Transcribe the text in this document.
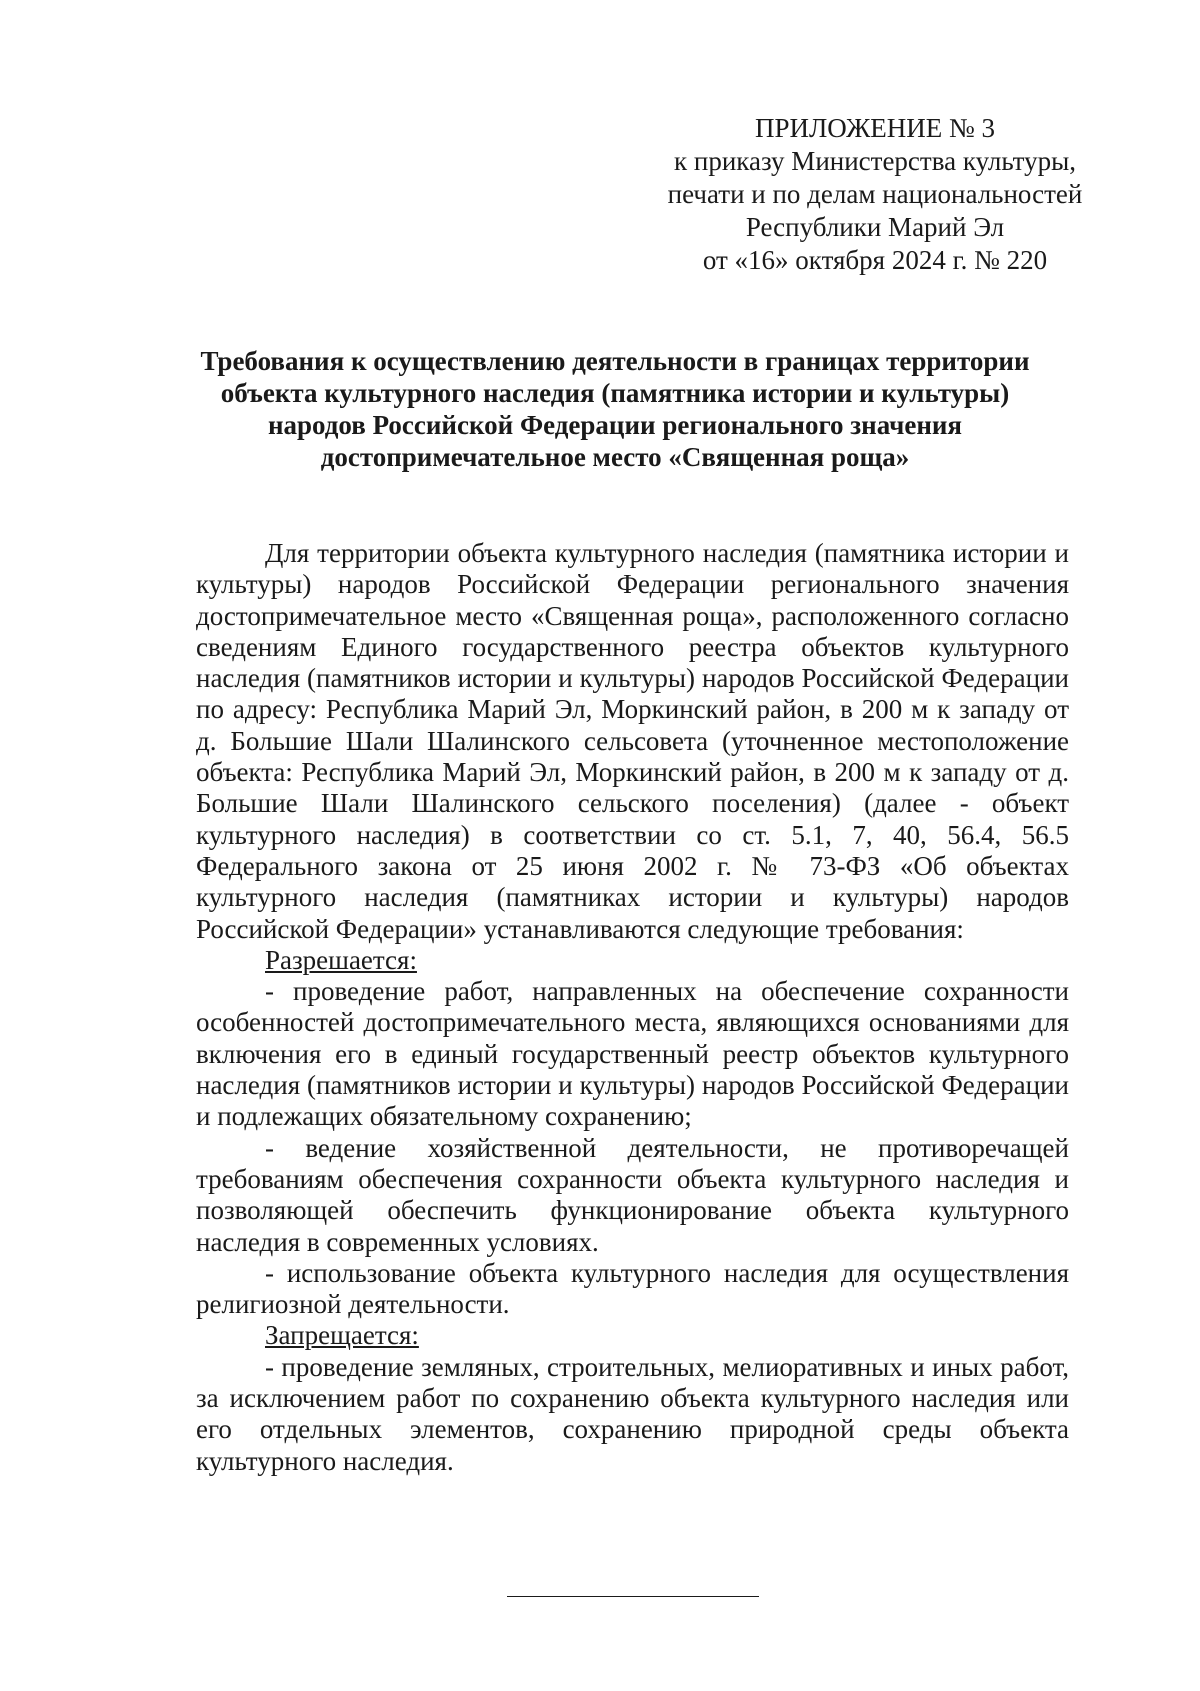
ПРИЛОЖЕНИЕ № 3
к приказу Министерства культуры,
печати и по делам национальностей
Республики Марий Эл
от «16» октября 2024 г. № 220
Требования к осуществлению деятельности в границах территории
объекта культурного наследия (памятника истории и культуры)
народов Российской Федерации регионального значения
достопримечательное место «Священная роща»

Для территории объекта культурного наследия (памятника истории и культуры) народов Российской Федерации регионального значения достопримечательное место «Священная роща», расположенного согласно сведениям Единого государственного реестра объектов культурного наследия (памятников истории и культуры) народов Российской Федерации по адресу: Республика Марий Эл, Моркинский район, в 200 м к западу от д. Большие Шали Шалинского сельсовета (уточненное местоположение объекта: Республика Марий Эл, Моркинский район, в 200 м к западу от д. Большие Шали Шалинского сельского поселения) (далее - объект культурного наследия) в соответствии со ст. 5.1, 7, 40, 56.4, 56.5 Федерального закона от 25 июня 2002 г. № 73-ФЗ «Об объектах культурного наследия (памятниках истории и культуры) народов Российской Федерации» устанавливаются следующие требования:

Разрешается:

- проведение работ, направленных на обеспечение сохранности особенностей достопримечательного места, являющихся основаниями для включения его в единый государственный реестр объектов культурного наследия (памятников истории и культуры) народов Российской Федерации и подлежащих обязательному сохранению;

- ведение хозяйственной деятельности, не противоречащей требованиям обеспечения сохранности объекта культурного наследия и позволяющей обеспечить функционирование объекта культурного наследия в современных условиях.

- использование объекта культурного наследия для осуществления религиозной деятельности.

Запрещается:

- проведение земляных, строительных, мелиоративных и иных работ, за исключением работ по сохранению объекта культурного наследия или его отдельных элементов, сохранению природной среды объекта культурного наследия.
